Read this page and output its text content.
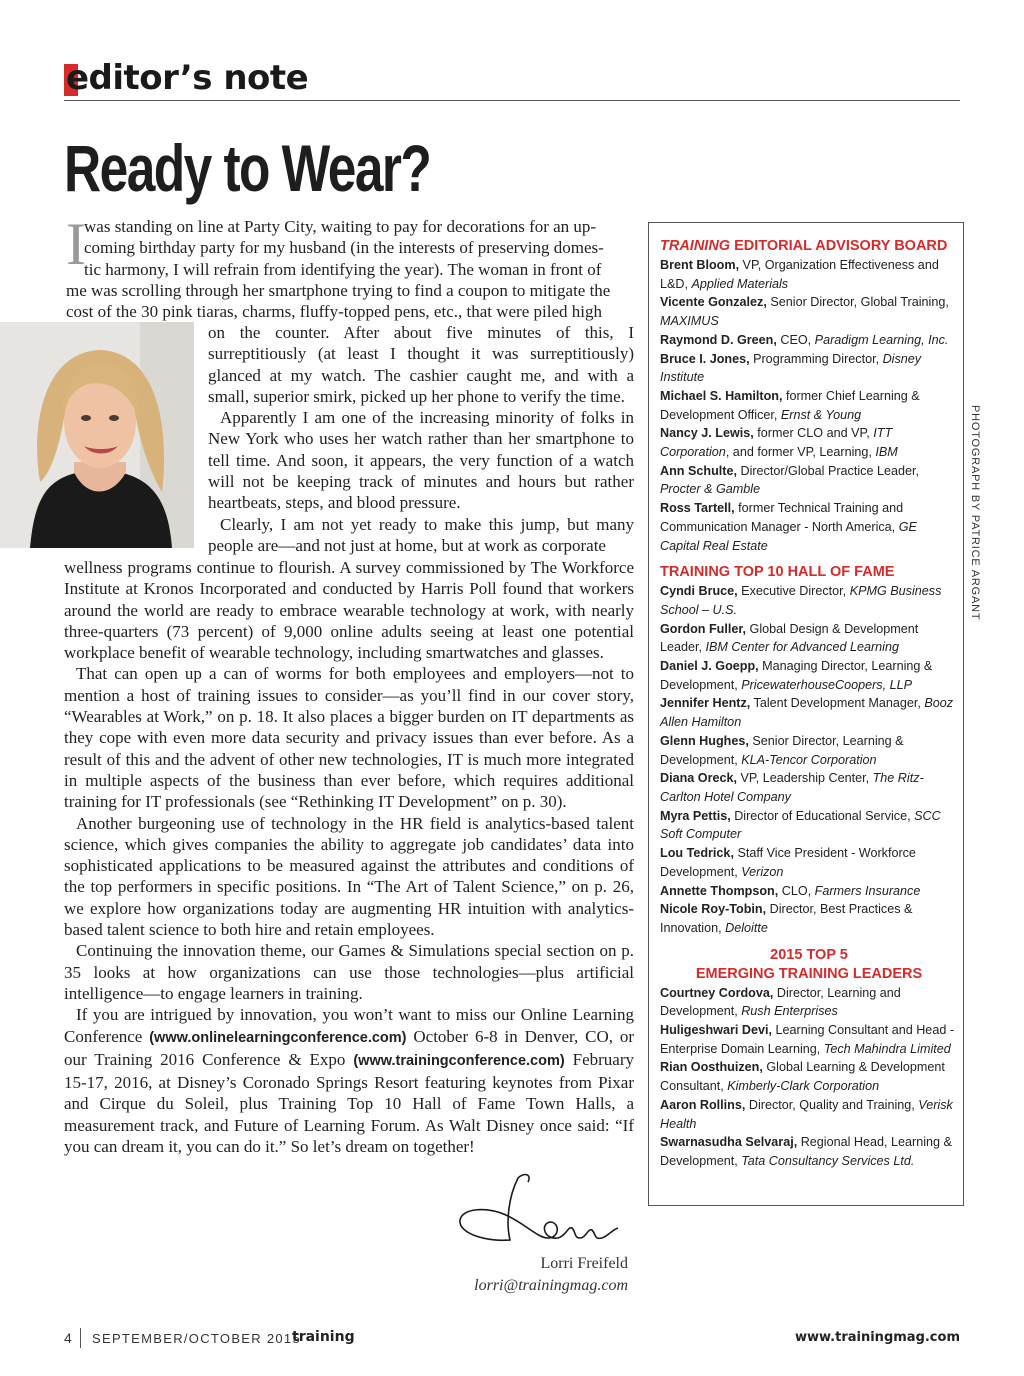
editor’s note
Ready to Wear?
I
was standing on line at Party City, waiting to pay for decorations for an up-
coming birthday party for my husband (in the interests of preserving domes-
tic harmony, I will refrain from identifying the year). The woman in front of
me was scrolling through her smartphone trying to find a coupon to mitigate the
cost of the 30 pink tiaras, charms, fluffy-topped pens, etc., that were piled high

on the counter. After about five minutes of this, I surreptitiously (at least I thought it was surreptitiously) glanced at my watch. The cashier caught me, and with a small, superior smirk, picked up her phone to verify the time.

Apparently I am one of the increasing minority of folks in New York who uses her watch rather than her smartphone to tell time. And soon, it appears, the very function of a watch will not be keeping track of minutes and hours but rather heartbeats, steps, and blood pressure.

Clearly, I am not yet ready to make this jump, but many people are—and not just at home, but at work as corporate

wellness programs continue to flourish. A survey commissioned by The Workforce Institute at Kronos Incorporated and conducted by Harris Poll found that workers around the world are ready to embrace wearable technology at work, with nearly three-quarters (73 percent) of 9,000 online adults seeing at least one potential workplace benefit of wearable technology, including smartwatches and glasses.

That can open up a can of worms for both employees and employers—not to mention a host of training issues to consider—as you’ll find in our cover story, “Wearables at Work,” on p. 18. It also places a bigger burden on IT departments as they cope with even more data security and privacy issues than ever before. As a result of this and the advent of other new technologies, IT is much more integrated in multiple aspects of the business than ever before, which requires additional training for IT professionals (see “Rethinking IT Development” on p. 30).

Another burgeoning use of technology in the HR field is analytics-based talent science, which gives companies the ability to aggregate job candidates’ data into sophisticated applications to be measured against the attributes and conditions of the top performers in specific positions. In “The Art of Talent Science,” on p. 26, we explore how organizations today are augmenting HR intuition with analytics-based talent science to both hire and retain employees.

Continuing the innovation theme, our Games & Simulations special section on p. 35 looks at how organizations can use those technologies—plus artificial intelligence—to engage learners in training.

If you are intrigued by innovation, you won’t want to miss our Online Learning Conference (www.onlinelearningconference.com) October 6-8 in Denver, CO, or our Training 2016 Conference & Expo (www.trainingconference.com) February 15-17, 2016, at Disney’s Coronado Springs Resort featuring keynotes from Pixar and Cirque du Soleil, plus Training Top 10 Hall of Fame Town Halls, a measurement track, and Future of Learning Forum. As Walt Disney once said: “If you can dream it, you can do it.” So let’s dream on together!

TRAINING EDITORIAL ADVISORY BOARD

Brent Bloom, VP, Organization Effectiveness and L&D, Applied Materials

Vicente Gonzalez, Senior Director, Global Training, MAXIMUS

Raymond D. Green, CEO, Paradigm Learning, Inc.

Bruce I. Jones, Programming Director, Disney Institute

Michael S. Hamilton, former Chief Learning & Development Officer, Ernst & Young

Nancy J. Lewis, former CLO and VP, ITT Corporation, and former VP, Learning, IBM

Ann Schulte, Director/Global Practice Leader, Procter & Gamble

Ross Tartell, former Technical Training and Communication Manager - North America, GE Capital Real Estate

TRAINING TOP 10 HALL OF FAME

Cyndi Bruce, Executive Director, KPMG Business School – U.S.

Gordon Fuller, Global Design & Development Leader, IBM Center for Advanced Learning

Daniel J. Goepp, Managing Director, Learning & Development, PricewaterhouseCoopers, LLP

Jennifer Hentz, Talent Development Manager, Booz Allen Hamilton

Glenn Hughes, Senior Director, Learning & Development, KLA-Tencor Corporation

Diana Oreck, VP, Leadership Center, The Ritz-Carlton Hotel Company

Myra Pettis, Director of Educational Service, SCC Soft Computer

Lou Tedrick, Staff Vice President - Workforce Development, Verizon

Annette Thompson, CLO, Farmers Insurance

Nicole Roy-Tobin, Director, Best Practices & Innovation, Deloitte

2015 TOP 5

EMERGING TRAINING LEADERS

Courtney Cordova, Director, Learning and Development, Rush Enterprises

Huligeshwari Devi, Learning Consultant and Head - Enterprise Domain Learning, Tech Mahindra Limited

Rian Oosthuizen, Global Learning & Development Consultant, Kimberly-Clark Corporation

Aaron Rollins, Director, Quality and Training, Verisk Health

Swarnasudha Selvaraj, Regional Head, Learning & Development, Tata Consultancy Services Ltd.

PHOTOGRAPH BY PATRICE ARGANT
Lorri Freifeld
lorri@trainingmag.com
4 SEPTEMBER/OCTOBER 2015
training	www.trainingmag.com
